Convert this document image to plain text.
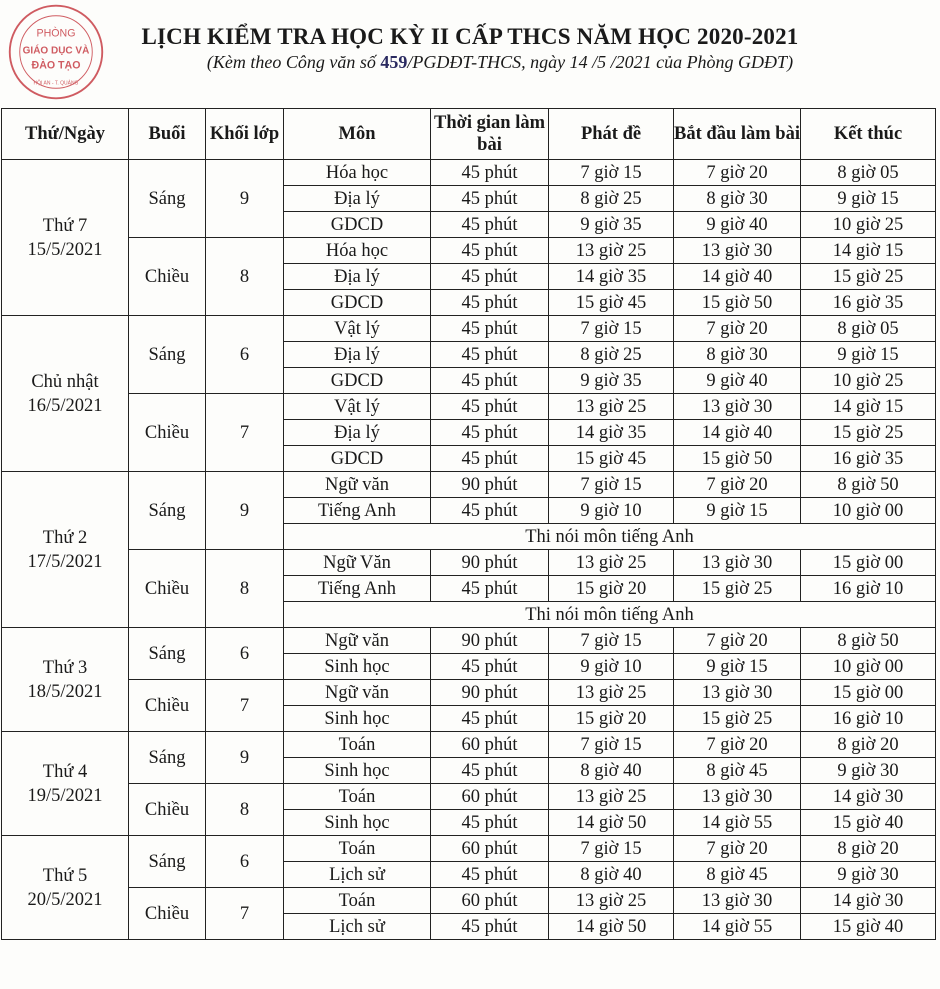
LỊCH KIỂM TRA HỌC KỲ II CẤP THCS NĂM HỌC 2020-2021
(Kèm theo Công văn số 459/PGDĐT-THCS, ngày 14 /5 /2021 của Phòng GDĐT)
Thứ/Ngày	Buổi	Khối lớp	Môn	Thời gian làm bài	Phát đề	Bắt đầu làm bài	Kết thúc

Thứ 7
15/5/2021	Sáng	9	Hóa học	45 phút	7 giờ 15	7 giờ 20	8 giờ 05
			Địa lý	45 phút	8 giờ 25	8 giờ 30	9 giờ 15
			GDCD	45 phút	9 giờ 35	9 giờ 40	10 giờ 25
	Chiều	8	Hóa học	45 phút	13 giờ 25	13 giờ 30	14 giờ 15
			Địa lý	45 phút	14 giờ 35	14 giờ 40	15 giờ 25
			GDCD	45 phút	15 giờ 45	15 giờ 50	16 giờ 35

Chủ nhật
16/5/2021	Sáng	6	Vật lý	45 phút	7 giờ 15	7 giờ 20	8 giờ 05
			Địa lý	45 phút	8 giờ 25	8 giờ 30	9 giờ 15
			GDCD	45 phút	9 giờ 35	9 giờ 40	10 giờ 25
	Chiều	7	Vật lý	45 phút	13 giờ 25	13 giờ 30	14 giờ 15
			Địa lý	45 phút	14 giờ 35	14 giờ 40	15 giờ 25
			GDCD	45 phút	15 giờ 45	15 giờ 50	16 giờ 35

Thứ 2
17/5/2021	Sáng	9	Ngữ văn	90 phút	7 giờ 15	7 giờ 20	8 giờ 50
			Tiếng Anh	45 phút	9 giờ 10	9 giờ 15	10 giờ 00
			Thi nói môn tiếng Anh				
	Chiều	8	Ngữ Văn	90 phút	13 giờ 25	13 giờ 30	15 giờ 00
			Tiếng Anh	45 phút	15 giờ 20	15 giờ 25	16 giờ 10
			Thi nói môn tiếng Anh				

Thứ 3
18/5/2021	Sáng	6	Ngữ văn	90 phút	7 giờ 15	7 giờ 20	8 giờ 50
			Sinh học	45 phút	9 giờ 10	9 giờ 15	10 giờ 00
	Chiều	7	Ngữ văn	90 phút	13 giờ 25	13 giờ 30	15 giờ 00
			Sinh học	45 phút	15 giờ 20	15 giờ 25	16 giờ 10

Thứ 4
19/5/2021	Sáng	9	Toán	60 phút	7 giờ 15	7 giờ 20	8 giờ 20
			Sinh học	45 phút	8 giờ 40	8 giờ 45	9 giờ 30
	Chiều	8	Toán	60 phút	13 giờ 25	13 giờ 30	14 giờ 30
			Sinh học	45 phút	14 giờ 50	14 giờ 55	15 giờ 40

Thứ 5
20/5/2021	Sáng	6	Toán	60 phút	7 giờ 15	7 giờ 20	8 giờ 20
			Lịch sử	45 phút	8 giờ 40	8 giờ 45	9 giờ 30
	Chiều	7	Toán	60 phút	13 giờ 25	13 giờ 30	14 giờ 30
			Lịch sử	45 phút	14 giờ 50	14 giờ 55	15 giờ 40
PHÒNG
GIÁO DỤC VÀ
ĐÀO TẠO
HỘI AN - T. QUẢNG
